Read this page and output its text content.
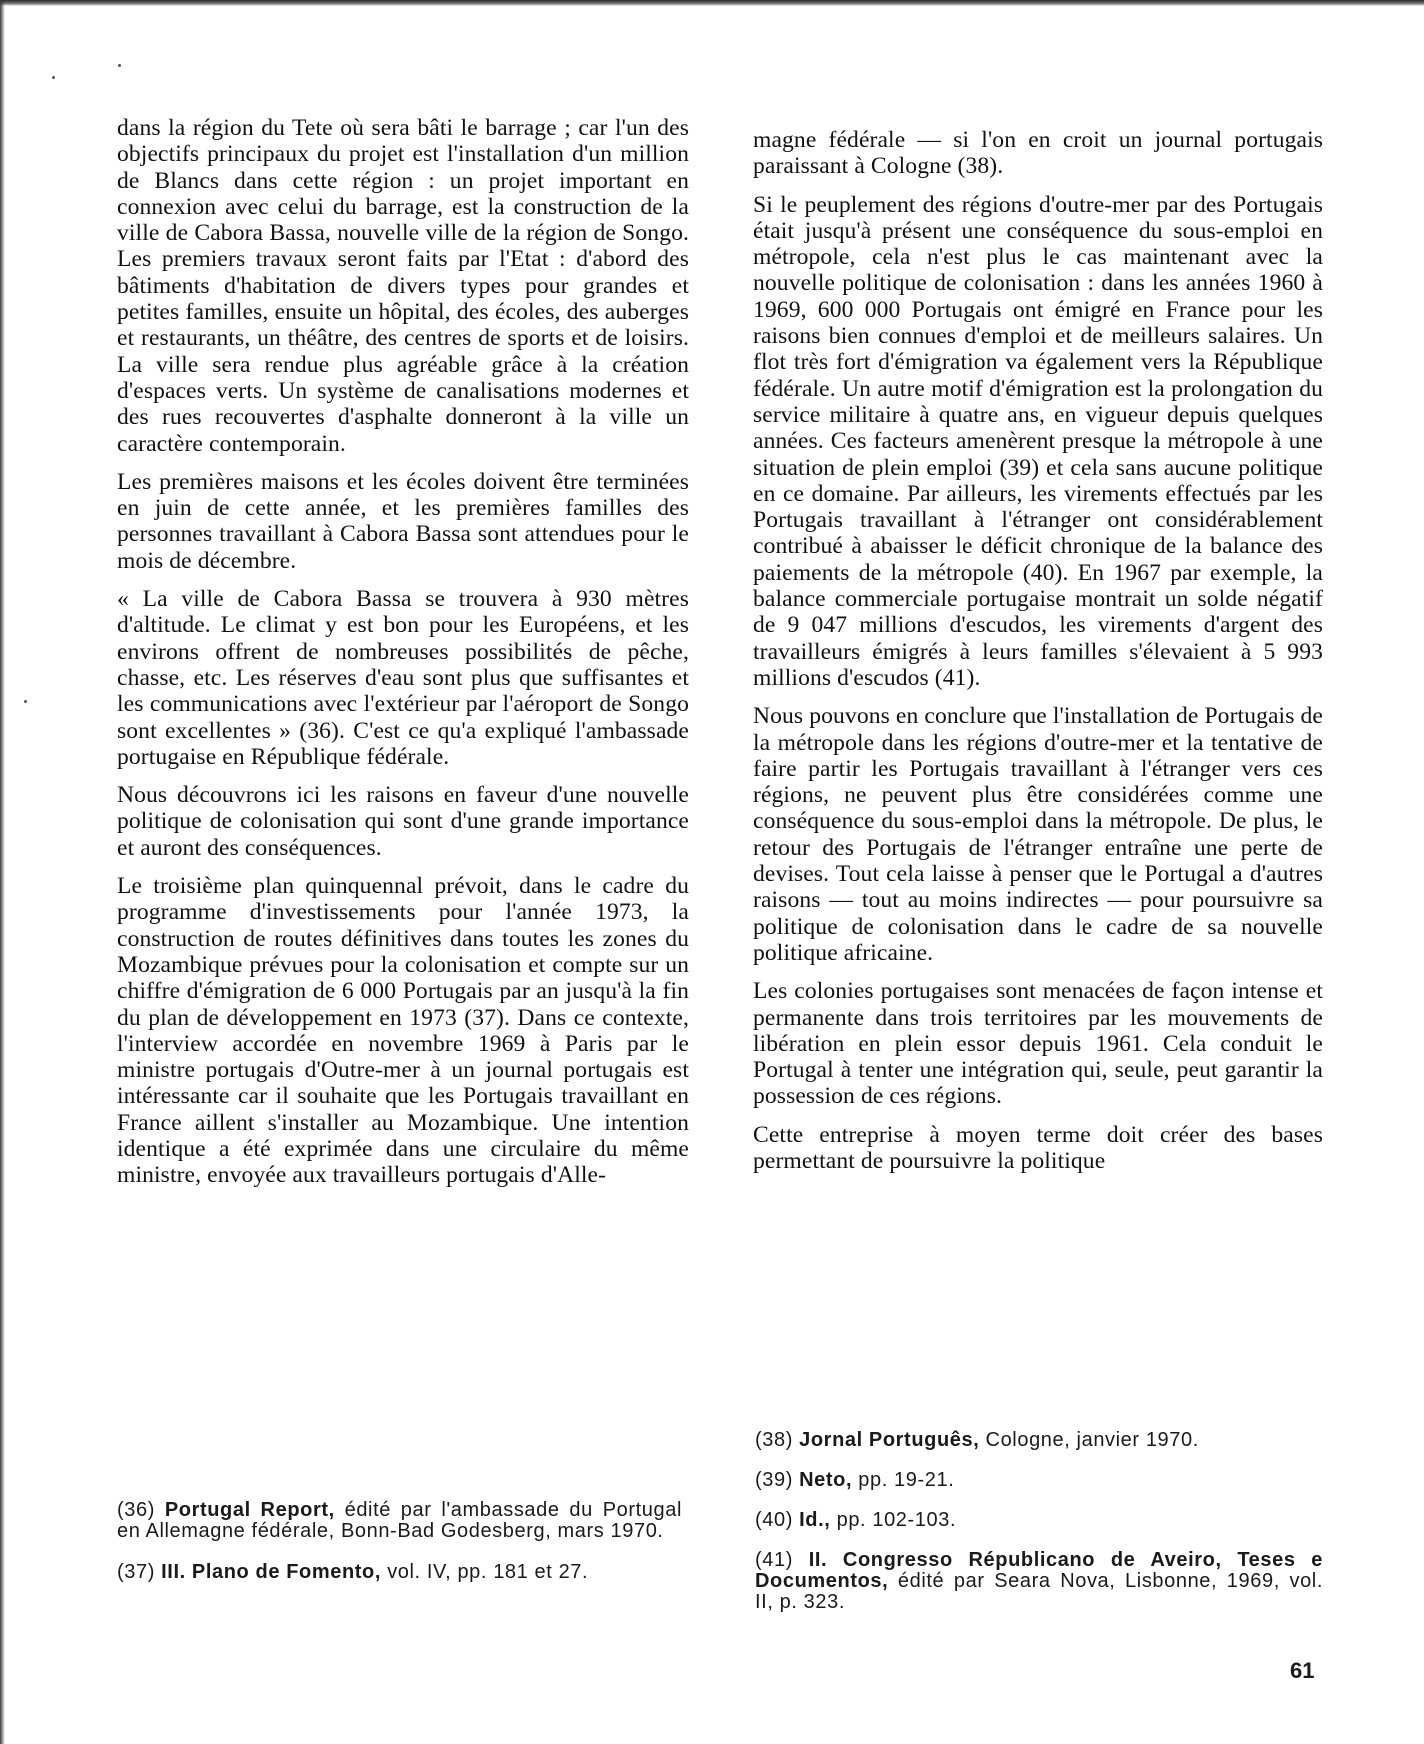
dans la région du Tete où sera bâti le barrage ; car l'un des objectifs principaux du projet est l'installation d'un million de Blancs dans cette région : un projet important en connexion avec celui du barrage, est la construction de la ville de Cabora Bassa, nouvelle ville de la région de Songo. Les premiers travaux seront faits par l'Etat : d'abord des bâtiments d'habitation de divers types pour grandes et petites familles, ensuite un hôpital, des écoles, des auberges et restaurants, un théâtre, des centres de sports et de loisirs. La ville sera rendue plus agréable grâce à la création d'espaces verts. Un système de canalisations modernes et des rues recouvertes d'asphalte donneront à la ville un caractère contemporain.

Les premières maisons et les écoles doivent être terminées en juin de cette année, et les premières familles des personnes travaillant à Cabora Bassa sont attendues pour le mois de décembre.

« La ville de Cabora Bassa se trouvera à 930 mètres d'altitude. Le climat y est bon pour les Européens, et les environs offrent de nombreuses possibilités de pêche, chasse, etc. Les réserves d'eau sont plus que suffisantes et les communications avec l'extérieur par l'aéroport de Songo sont excellentes » (36). C'est ce qu'a expliqué l'ambassade portugaise en République fédérale.

Nous découvrons ici les raisons en faveur d'une nouvelle politique de colonisation qui sont d'une grande importance et auront des conséquences.

Le troisième plan quinquennal prévoit, dans le cadre du programme d'investissements pour l'année 1973, la construction de routes définitives dans toutes les zones du Mozambique prévues pour la colonisation et compte sur un chiffre d'émigration de 6 000 Portugais par an jusqu'à la fin du plan de développement en 1973 (37). Dans ce contexte, l'interview accordée en novembre 1969 à Paris par le ministre portugais d'Outre-mer à un journal portugais est intéressante car il souhaite que les Portugais travaillant en France aillent s'installer au Mozambique. Une intention identique a été exprimée dans une circulaire du même ministre, envoyée aux travailleurs portugais d'Alle-

magne fédérale — si l'on en croit un journal portugais paraissant à Cologne (38).

Si le peuplement des régions d'outre-mer par des Portugais était jusqu'à présent une conséquence du sous-emploi en métropole, cela n'est plus le cas maintenant avec la nouvelle politique de colonisation : dans les années 1960 à 1969, 600 000 Portugais ont émigré en France pour les raisons bien connues d'emploi et de meilleurs salaires. Un flot très fort d'émigration va également vers la République fédérale. Un autre motif d'émigration est la prolongation du service militaire à quatre ans, en vigueur depuis quelques années. Ces facteurs amenèrent presque la métropole à une situation de plein emploi (39) et cela sans aucune politique en ce domaine. Par ailleurs, les virements effectués par les Portugais travaillant à l'étranger ont considérablement contribué à abaisser le déficit chronique de la balance des paiements de la métropole (40). En 1967 par exemple, la balance commerciale portugaise montrait un solde négatif de 9 047 millions d'escudos, les virements d'argent des travailleurs émigrés à leurs familles s'élevaient à 5 993 millions d'escudos (41).

Nous pouvons en conclure que l'installation de Portugais de la métropole dans les régions d'outre-mer et la tentative de faire partir les Portugais travaillant à l'étranger vers ces régions, ne peuvent plus être considérées comme une conséquence du sous-emploi dans la métropole. De plus, le retour des Portugais de l'étranger entraîne une perte de devises. Tout cela laisse à penser que le Portugal a d'autres raisons — tout au moins indirectes — pour poursuivre sa politique de colonisation dans le cadre de sa nouvelle politique africaine.

Les colonies portugaises sont menacées de façon intense et permanente dans trois territoires par les mouvements de libération en plein essor depuis 1961. Cela conduit le Portugal à tenter une intégration qui, seule, peut garantir la possession de ces régions.

Cette entreprise à moyen terme doit créer des bases permettant de poursuivre la politique

(36) Portugal Report, édité par l'ambassade du Portugal en Allemagne fédérale, Bonn-Bad Godesberg, mars 1970.

(37) III. Plano de Fomento, vol. IV, pp. 181 et 27.

(38) Jornal Português, Cologne, janvier 1970.

(39) Neto, pp. 19-21.

(40) Id., pp. 102-103.

(41) II. Congresso Républicano de Aveiro, Teses e Documentos, édité par Seara Nova, Lisbonne, 1969, vol. II, p. 323.

61
